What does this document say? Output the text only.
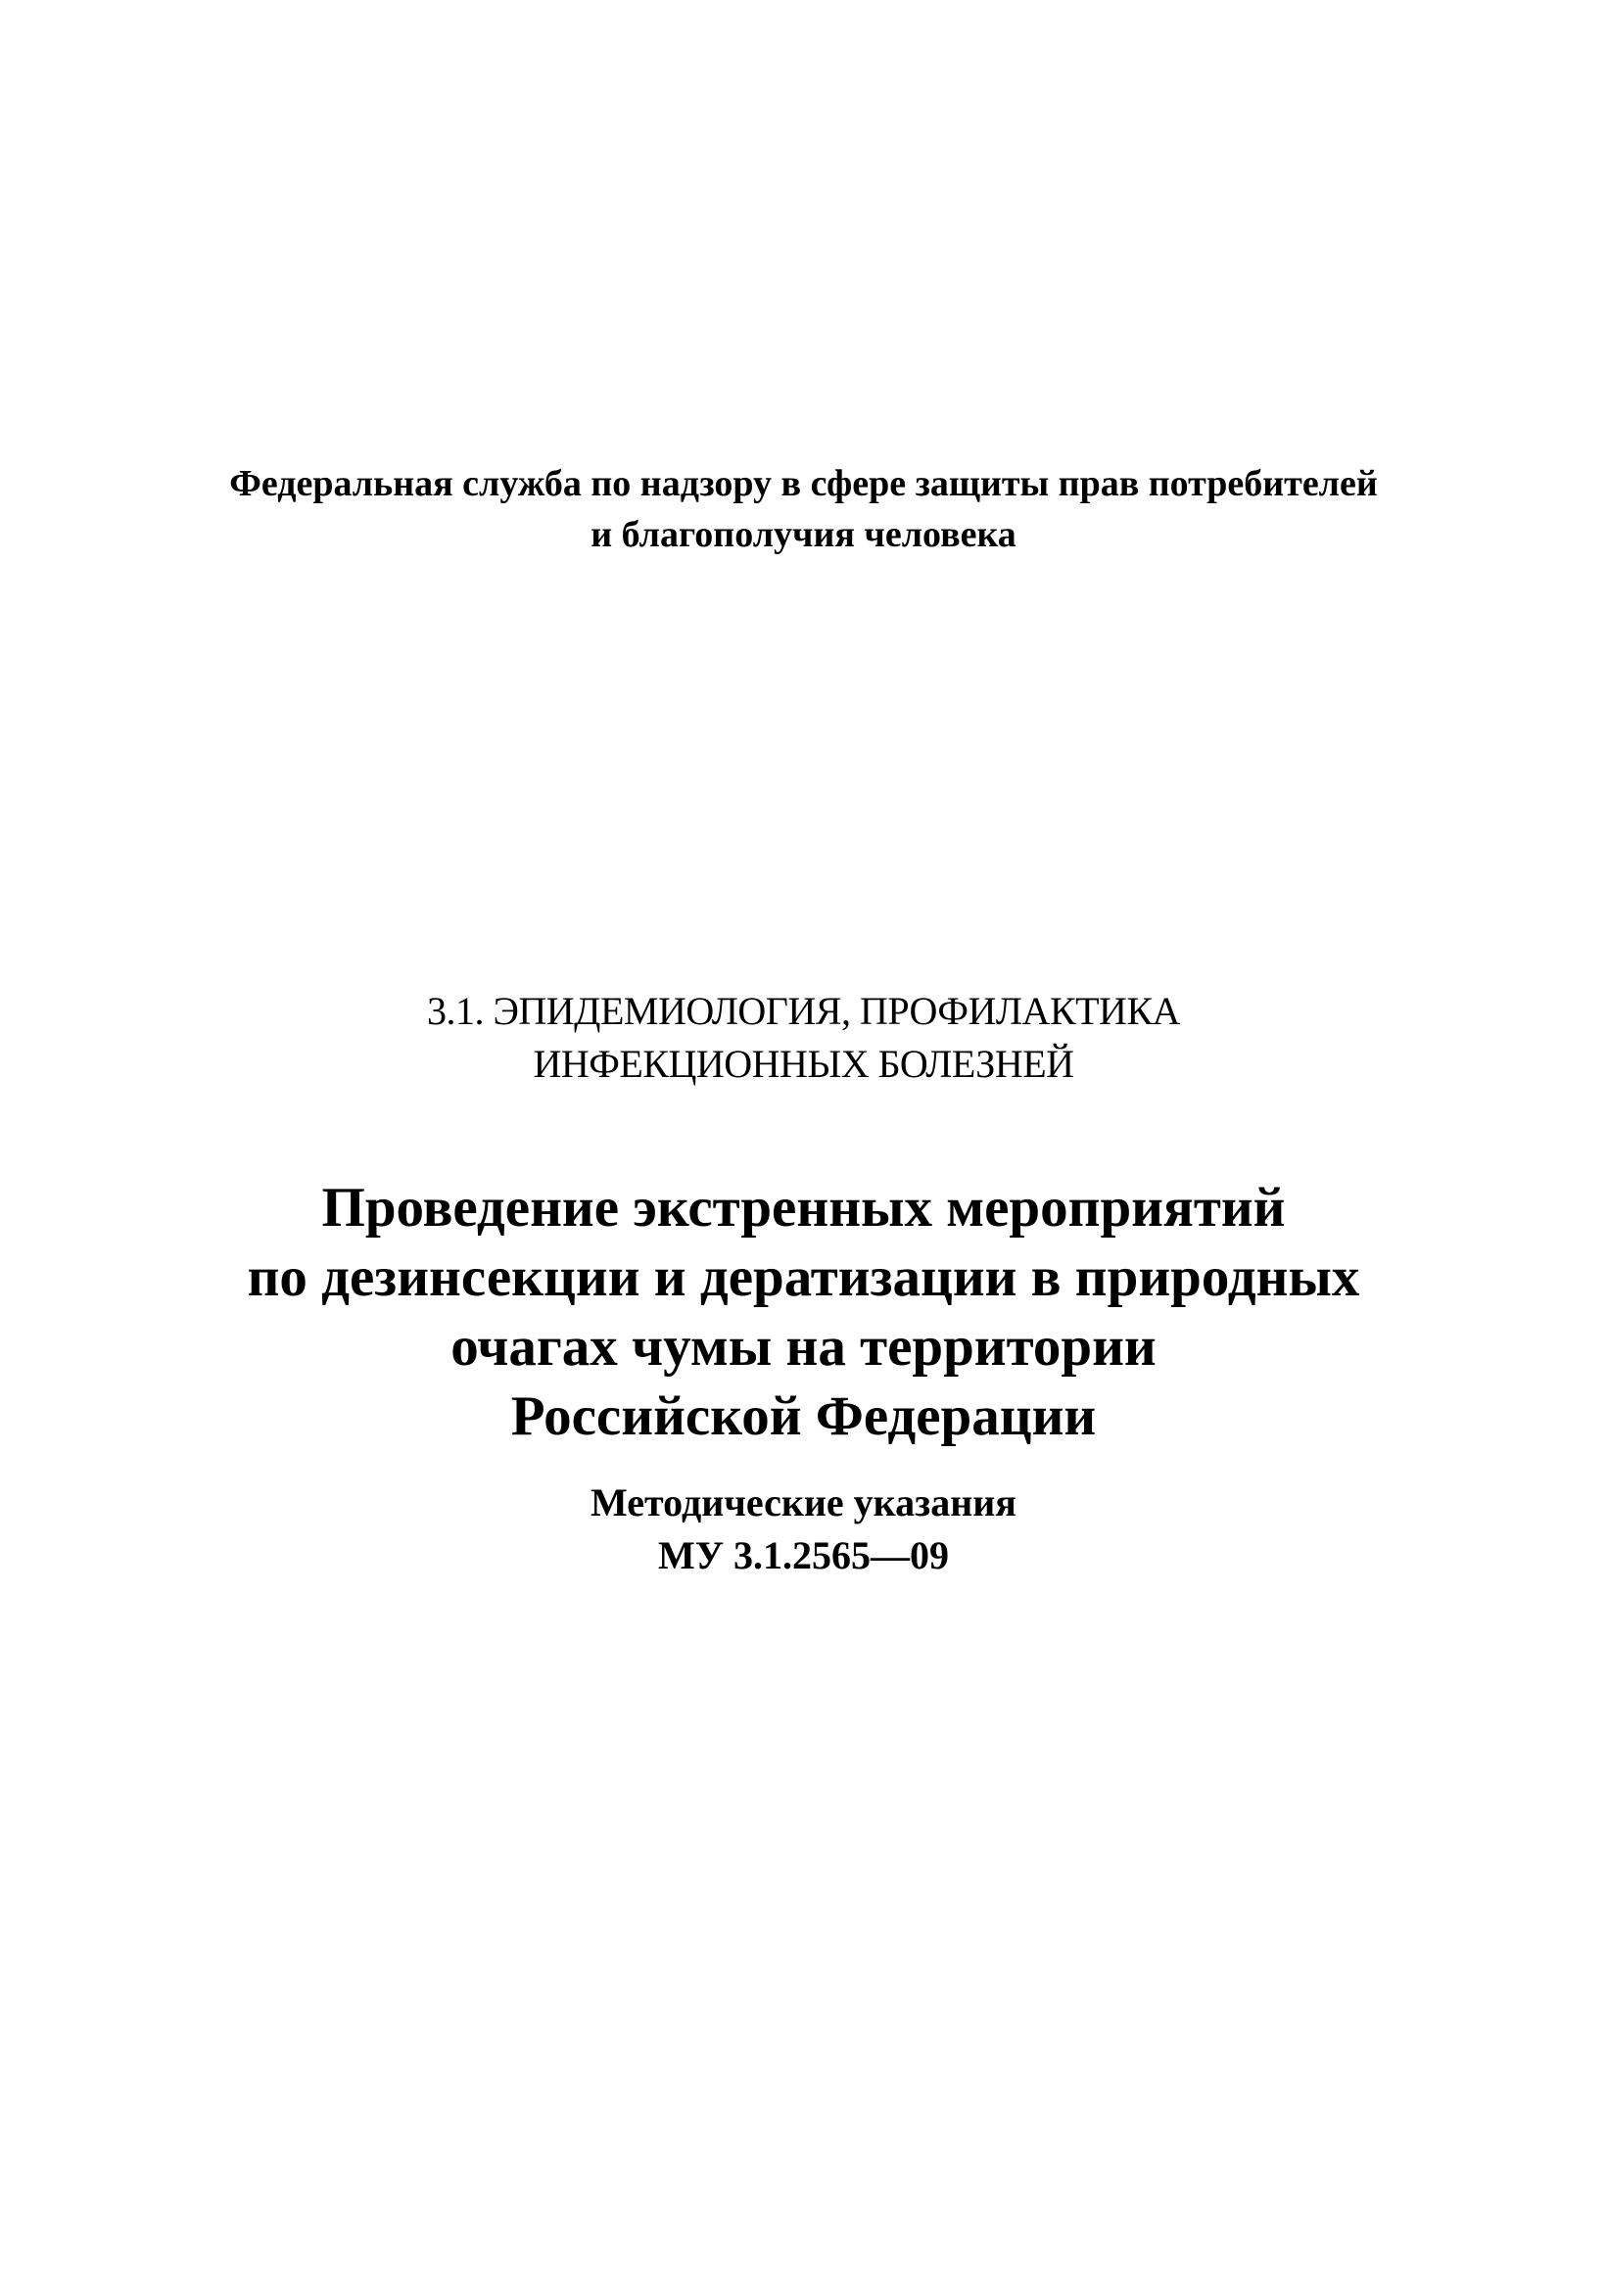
Федеральная служба по надзору в сфере защиты прав потребителей
и благополучия человека
3.1. ЭПИДЕМИОЛОГИЯ, ПРОФИЛАКТИКА
ИНФЕКЦИОННЫХ БОЛЕЗНЕЙ
Проведение экстренных мероприятий
по дезинсекции и дератизации в природных
очагах чумы на территории
Российской Федерации
Методические указания
МУ 3.1.2565—09
